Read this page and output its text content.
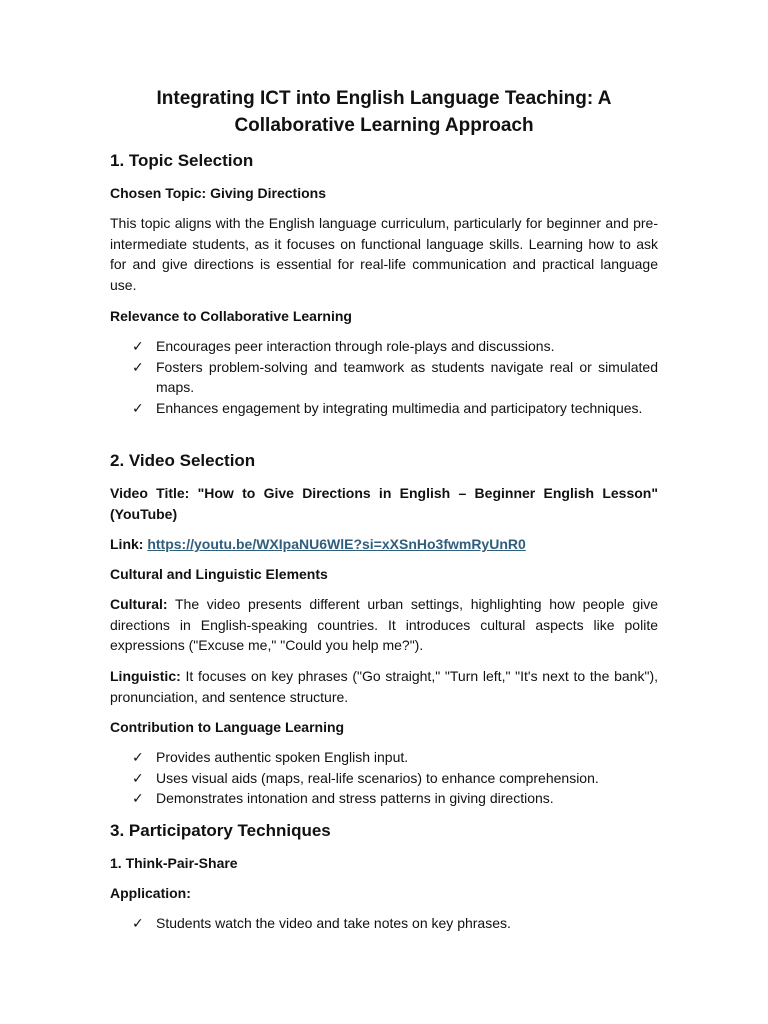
Integrating ICT into English Language Teaching: A Collaborative Learning Approach
1. Topic Selection
Chosen Topic: Giving Directions
This topic aligns with the English language curriculum, particularly for beginner and pre-intermediate students, as it focuses on functional language skills. Learning how to ask for and give directions is essential for real-life communication and practical language use.
Relevance to Collaborative Learning
✓ Encourages peer interaction through role-plays and discussions.
✓ Fosters problem-solving and teamwork as students navigate real or simulated maps.
✓ Enhances engagement by integrating multimedia and participatory techniques.
2. Video Selection
Video Title: "How to Give Directions in English – Beginner English Lesson" (YouTube)
Link: https://youtu.be/WXIpaNU6WlE?si=xXSnHo3fwmRyUnR0
Cultural and Linguistic Elements
Cultural: The video presents different urban settings, highlighting how people give directions in English-speaking countries. It introduces cultural aspects like polite expressions ("Excuse me," "Could you help me?").
Linguistic: It focuses on key phrases ("Go straight," "Turn left," "It's next to the bank"), pronunciation, and sentence structure.
Contribution to Language Learning
✓ Provides authentic spoken English input.
✓ Uses visual aids (maps, real-life scenarios) to enhance comprehension.
✓ Demonstrates intonation and stress patterns in giving directions.
3. Participatory Techniques
1. Think-Pair-Share
Application:
✓ Students watch the video and take notes on key phrases.
